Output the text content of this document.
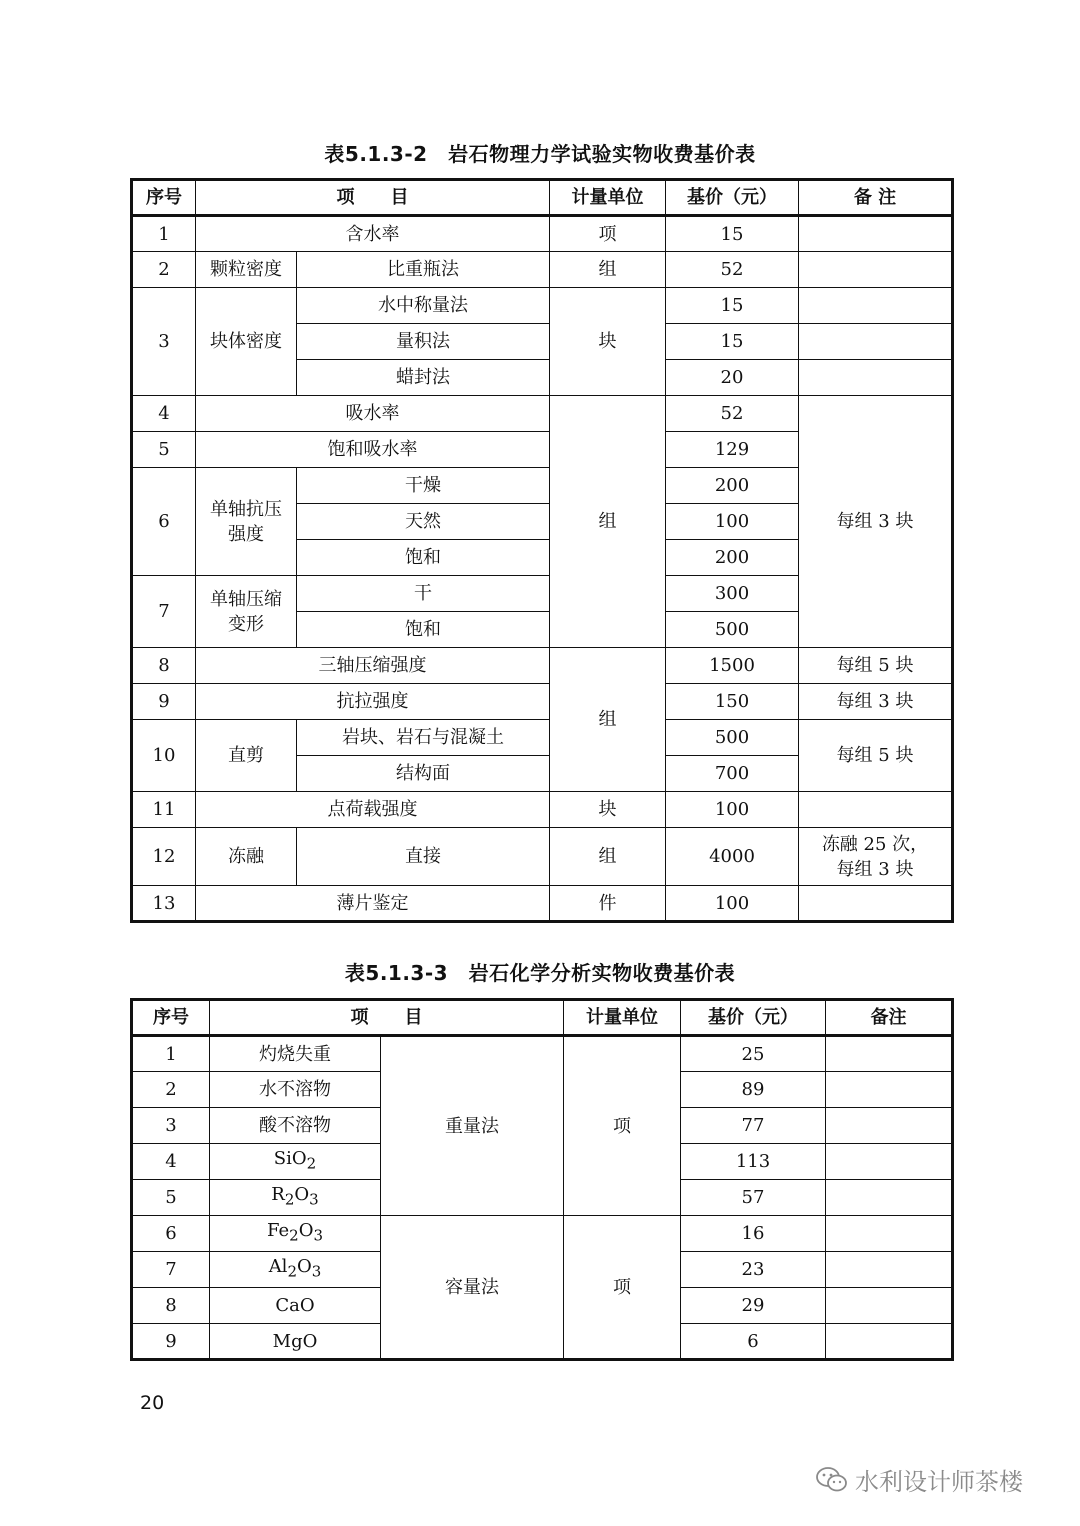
表5.1.3-2　岩石物理力学试验实物收费基价表
序号	项　　目		计量单位	基价（元）	备 注
1	含水率		项	15	
2	颗粒密度	比重瓶法	组	52	
3	块体密度	水中称量法	块	15	
		量积法		15	
		蜡封法		20	
4	吸水率		组	52	每组 3 块
5	饱和吸水率			129	
6	单轴抗压强度	干燥		200	
		天然		100	
		饱和		200	
7	单轴压缩变形	干		300	
		饱和		500	
8	三轴压缩强度		组	1500	每组 5 块
9	抗拉强度			150	每组 3 块
10	直剪	岩块、岩石与混凝土		500	每组 5 块
		结构面		700	
11	点荷载强度		块	100	
12	冻融	直接	组	4000	冻融 25 次，每组 3 块
13	薄片鉴定		件	100	
表5.1.3-3　岩石化学分析实物收费基价表
序号	项　　目		计量单位	基价（元）	备注
1	灼烧失重	重量法	项	25	
2	水不溶物			89	
3	酸不溶物			77	
4	SiO$_2$			113	
5	$R_2O_3$			57	
6	$Fe_2O_3$	容量法	项	16	
7	$Al_2O_3$			23	
8	CaO			29	
9	MgO			6	
20
水利设计师茶楼
